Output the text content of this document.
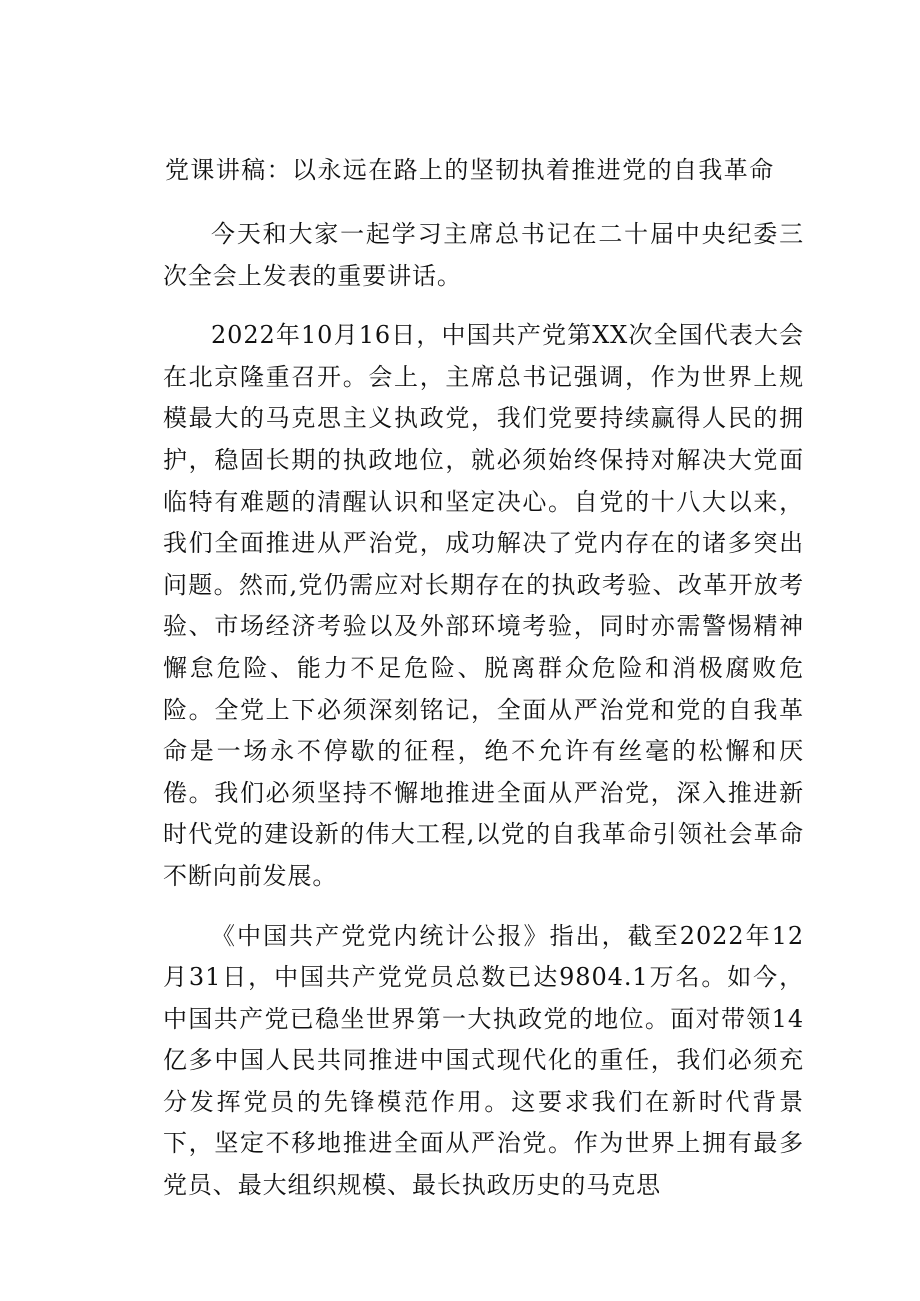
党课讲稿：以永远在路上的坚韧执着推进党的自我革命

今天和大家一起学习主席总书记在二十届中央纪委三次全会上发表的重要讲话。

2022年10月16日，中国共产党第XX次全国代表大会在北京隆重召开。会上，主席总书记强调，作为世界上规模最大的马克思主义执政党，我们党要持续赢得人民的拥护，稳固长期的执政地位，就必须始终保持对解决大党面临特有难题的清醒认识和坚定决心。自党的十八大以来，我们全面推进从严治党，成功解决了党内存在的诸多突出问题。然而,党仍需应对长期存在的执政考验、改革开放考验、市场经济考验以及外部环境考验，同时亦需警惕精神懈怠危险、能力不足危险、脱离群众危险和消极腐败危险。全党上下必须深刻铭记，全面从严治党和党的自我革命是一场永不停歇的征程，绝不允许有丝毫的松懈和厌倦。我们必须坚持不懈地推进全面从严治党，深入推进新时代党的建设新的伟大工程,以党的自我革命引领社会革命不断向前发展。

《中国共产党党内统计公报》指出，截至2022年12月31日，中国共产党党员总数已达9804.1万名。如今，中国共产党已稳坐世界第一大执政党的地位。面对带领14亿多中国人民共同推进中国式现代化的重任，我们必须充分发挥党员的先锋模范作用。这要求我们在新时代背景下，坚定不移地推进全面从严治党。作为世界上拥有最多党员、最大组织规模、最长执政历史的马克思
